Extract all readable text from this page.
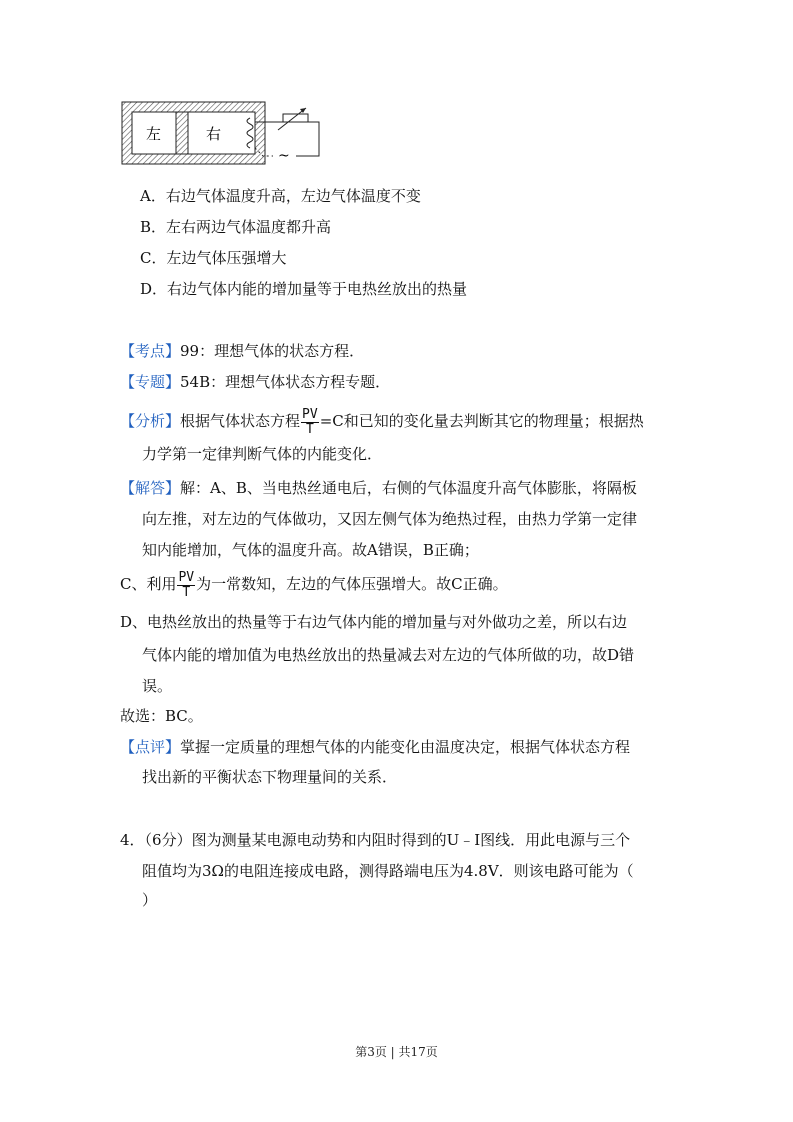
左	右
~
A．右边气体温度升高，左边气体温度不变
B．左右两边气体温度都升高
C．左边气体压强增大
D．右边气体内能的增加量等于电热丝放出的热量
【考点】99：理想气体的状态方程．
【专题】54B：理想气体状态方程专题．
【分析】根据气体状态方程 $\frac{PV}{T} =C$和已知的变化量去判断其它的物理量；根据热
力学第一定律判断气体的内能变化．
【解答】解：A、B、当电热丝通电后，右侧的气体温度升高气体膨胀，将隔板
向左推，对左边的气体做功，又因左侧气体为绝热过程，由热力学第一定律
知内能增加，气体的温度升高。故A错误，B正确；
C、利用 $\frac{PV}{T}$ 为一常数知，左边的气体压强增大。故C正确。
D、电热丝放出的热量等于右边气体内能的增加量与对外做功之差，所以右边
气体内能的增加值为电热丝放出的热量减去对左边的气体所做的功，故D错
误。
故选：BC。
【点评】掌握一定质量的理想气体的内能变化由温度决定，根据气体状态方程
找出新的平衡状态下物理量间的关系．
4．（6分）图为测量某电源电动势和内阻时得到的U﹣I图线．用此电源与三个
阻值均为3Ω的电阻连接成电路，测得路端电压为4.8V．则该电路可能为（
）
第3页 | 共17页
